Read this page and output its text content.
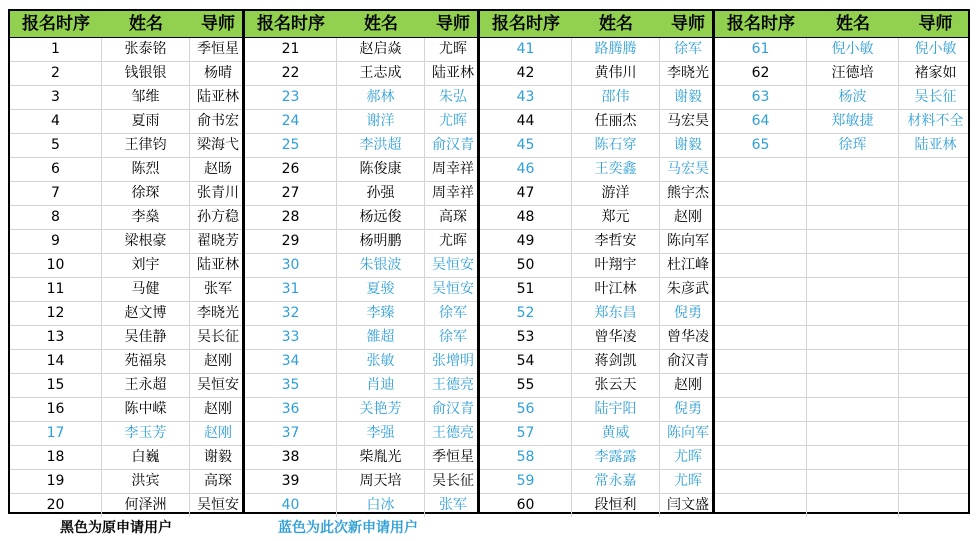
报名时序	姓名	导师
1	张泰铭	季恒星
2	钱银银	杨晴
3	邹维	陆亚林
4	夏雨	俞书宏
5	王律钧	梁海弋
6	陈烈	赵旸
7	徐琛	张青川
8	李燊	孙方稳
9	梁根豪	翟晓芳
10	刘宇	陆亚林
11	马健	张军
12	赵文博	李晓光
13	吴佳静	吴长征
14	苑福泉	赵刚
15	王永超	吴恒安
16	陈中嵘	赵刚
17	李玉芳	赵刚
18	白巍	谢毅
19	洪宾	高琛
20	何泽洲	吴恒安
报名时序	姓名	导师
21	赵启焱	尤晖
22	王志成	陆亚林
23	郝林	朱弘
24	谢洋	尤晖
25	李洪超	俞汉青
26	陈俊康	周幸祥
27	孙强	周幸祥
28	杨远俊	高琛
29	杨明鹏	尤晖
30	朱银波	吴恒安
31	夏骏	吴恒安
32	李臻	徐军
33	雒超	徐军
34	张敏	张增明
35	肖迪	王德亮
36	关艳芳	俞汉青
37	李强	王德亮
38	柴胤光	季恒星
39	周天培	吴长征
40	白冰	张军
报名时序	姓名	导师
41	路腾腾	徐军
42	黄伟川	李晓光
43	邵伟	谢毅
44	任丽杰	马宏昊
45	陈石穿	谢毅
46	王奕鑫	马宏昊
47	游洋	熊宇杰
48	郑元	赵刚
49	李哲安	陈向军
50	叶翔宇	杜江峰
51	叶江林	朱彦武
52	郑东昌	倪勇
53	曾华凌	曾华凌
54	蒋剑凯	俞汉青
55	张云天	赵刚
56	陆宇阳	倪勇
57	黄威	陈向军
58	李露露	尤晖
59	常永嘉	尤晖
60	段恒利	闫文盛
报名时序	姓名	导师
61	倪小敏	倪小敏
62	汪德培	褚家如
63	杨波	吴长征
64	郑敏捷	材料不全
65	徐珲	陆亚林
黑色为原申请用户	蓝色为此次新申请用户
